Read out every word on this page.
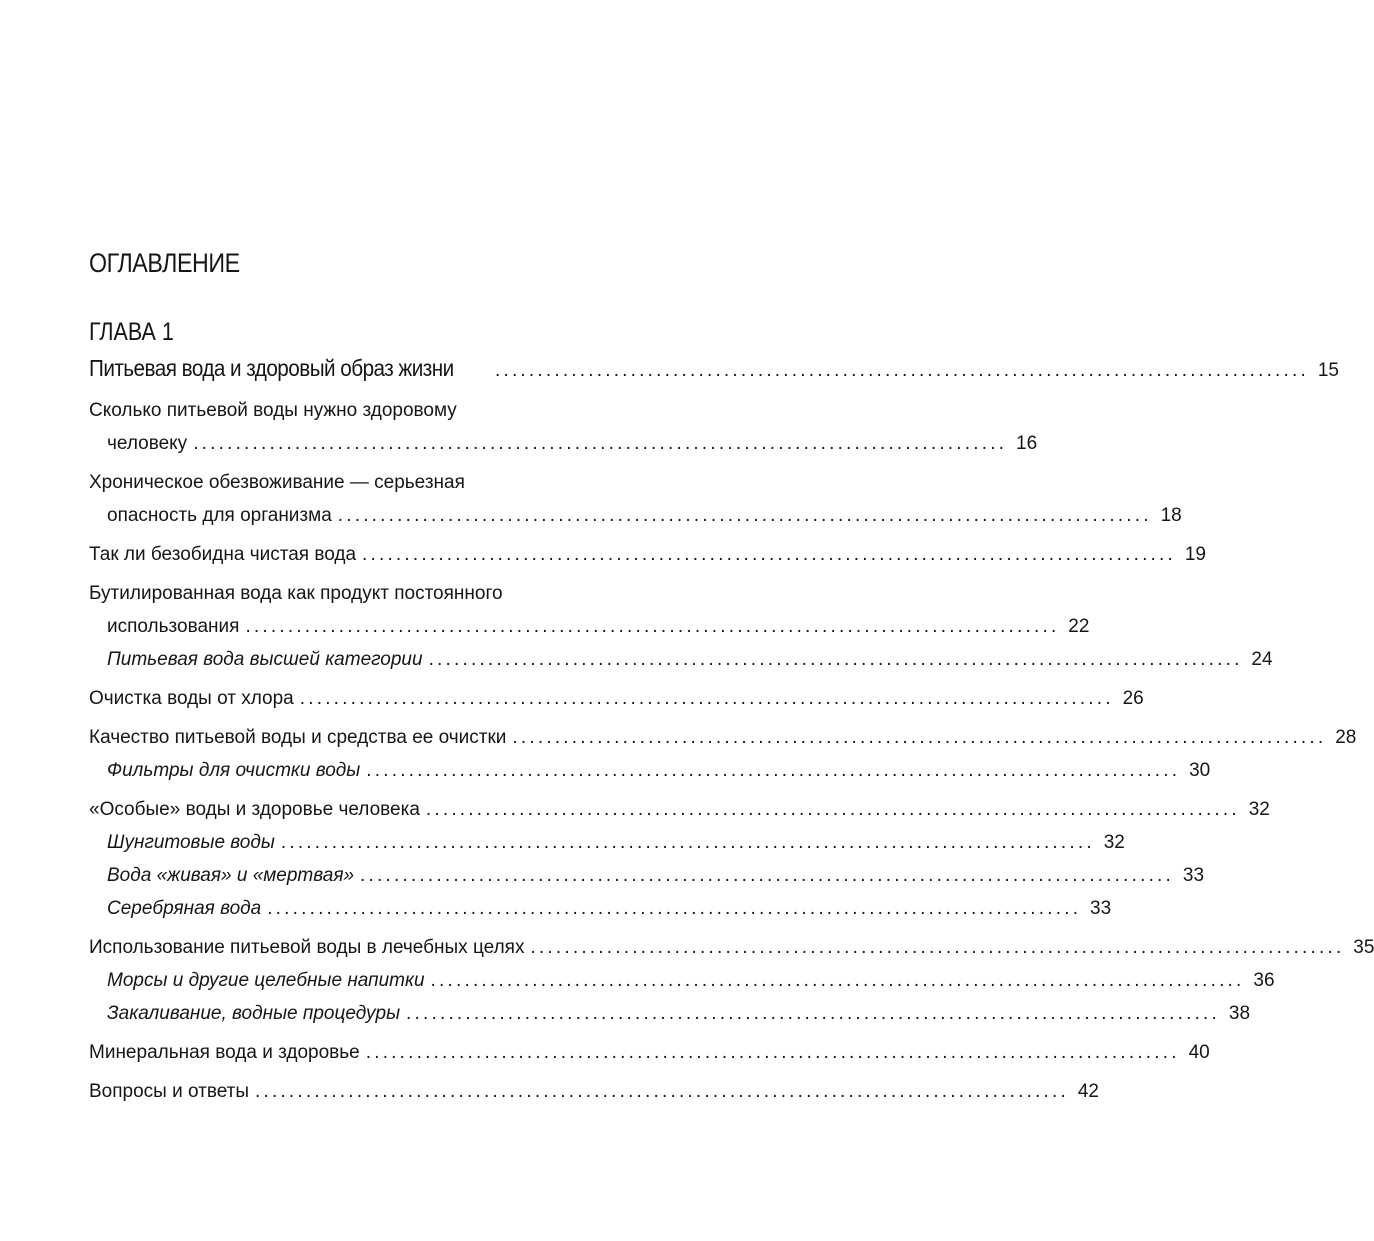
ОГЛАВЛЕНИЕ
ГЛАВА 1
Питьевая вода и здоровый образ жизни ................................................................................................ 15
Сколько питьевой воды нужно здоровому
человеку ................................................................................................ 16
Хроническое обезвоживание — серьезная
опасность для организма ................................................................................................ 18
Так ли безобидна чистая вода ................................................................................................ 19
Бутилированная вода как продукт постоянного
использования ................................................................................................ 22
Питьевая вода высшей категории ................................................................................................ 24
Очистка воды от хлора ................................................................................................ 26
Качество питьевой воды и средства ее очистки ................................................................................................ 28
Фильтры для очистки воды ................................................................................................ 30
«Особые» воды и здоровье человека ................................................................................................ 32
Шунгитовые воды ................................................................................................ 32
Вода «живая» и «мертвая» ................................................................................................ 33
Серебряная вода ................................................................................................ 33
Использование питьевой воды в лечебных целях ................................................................................................ 35
Морсы и другие целебные напитки ................................................................................................ 36
Закаливание, водные процедуры ................................................................................................ 38
Минеральная вода и здоровье ................................................................................................ 40
Вопросы и ответы ................................................................................................ 42
